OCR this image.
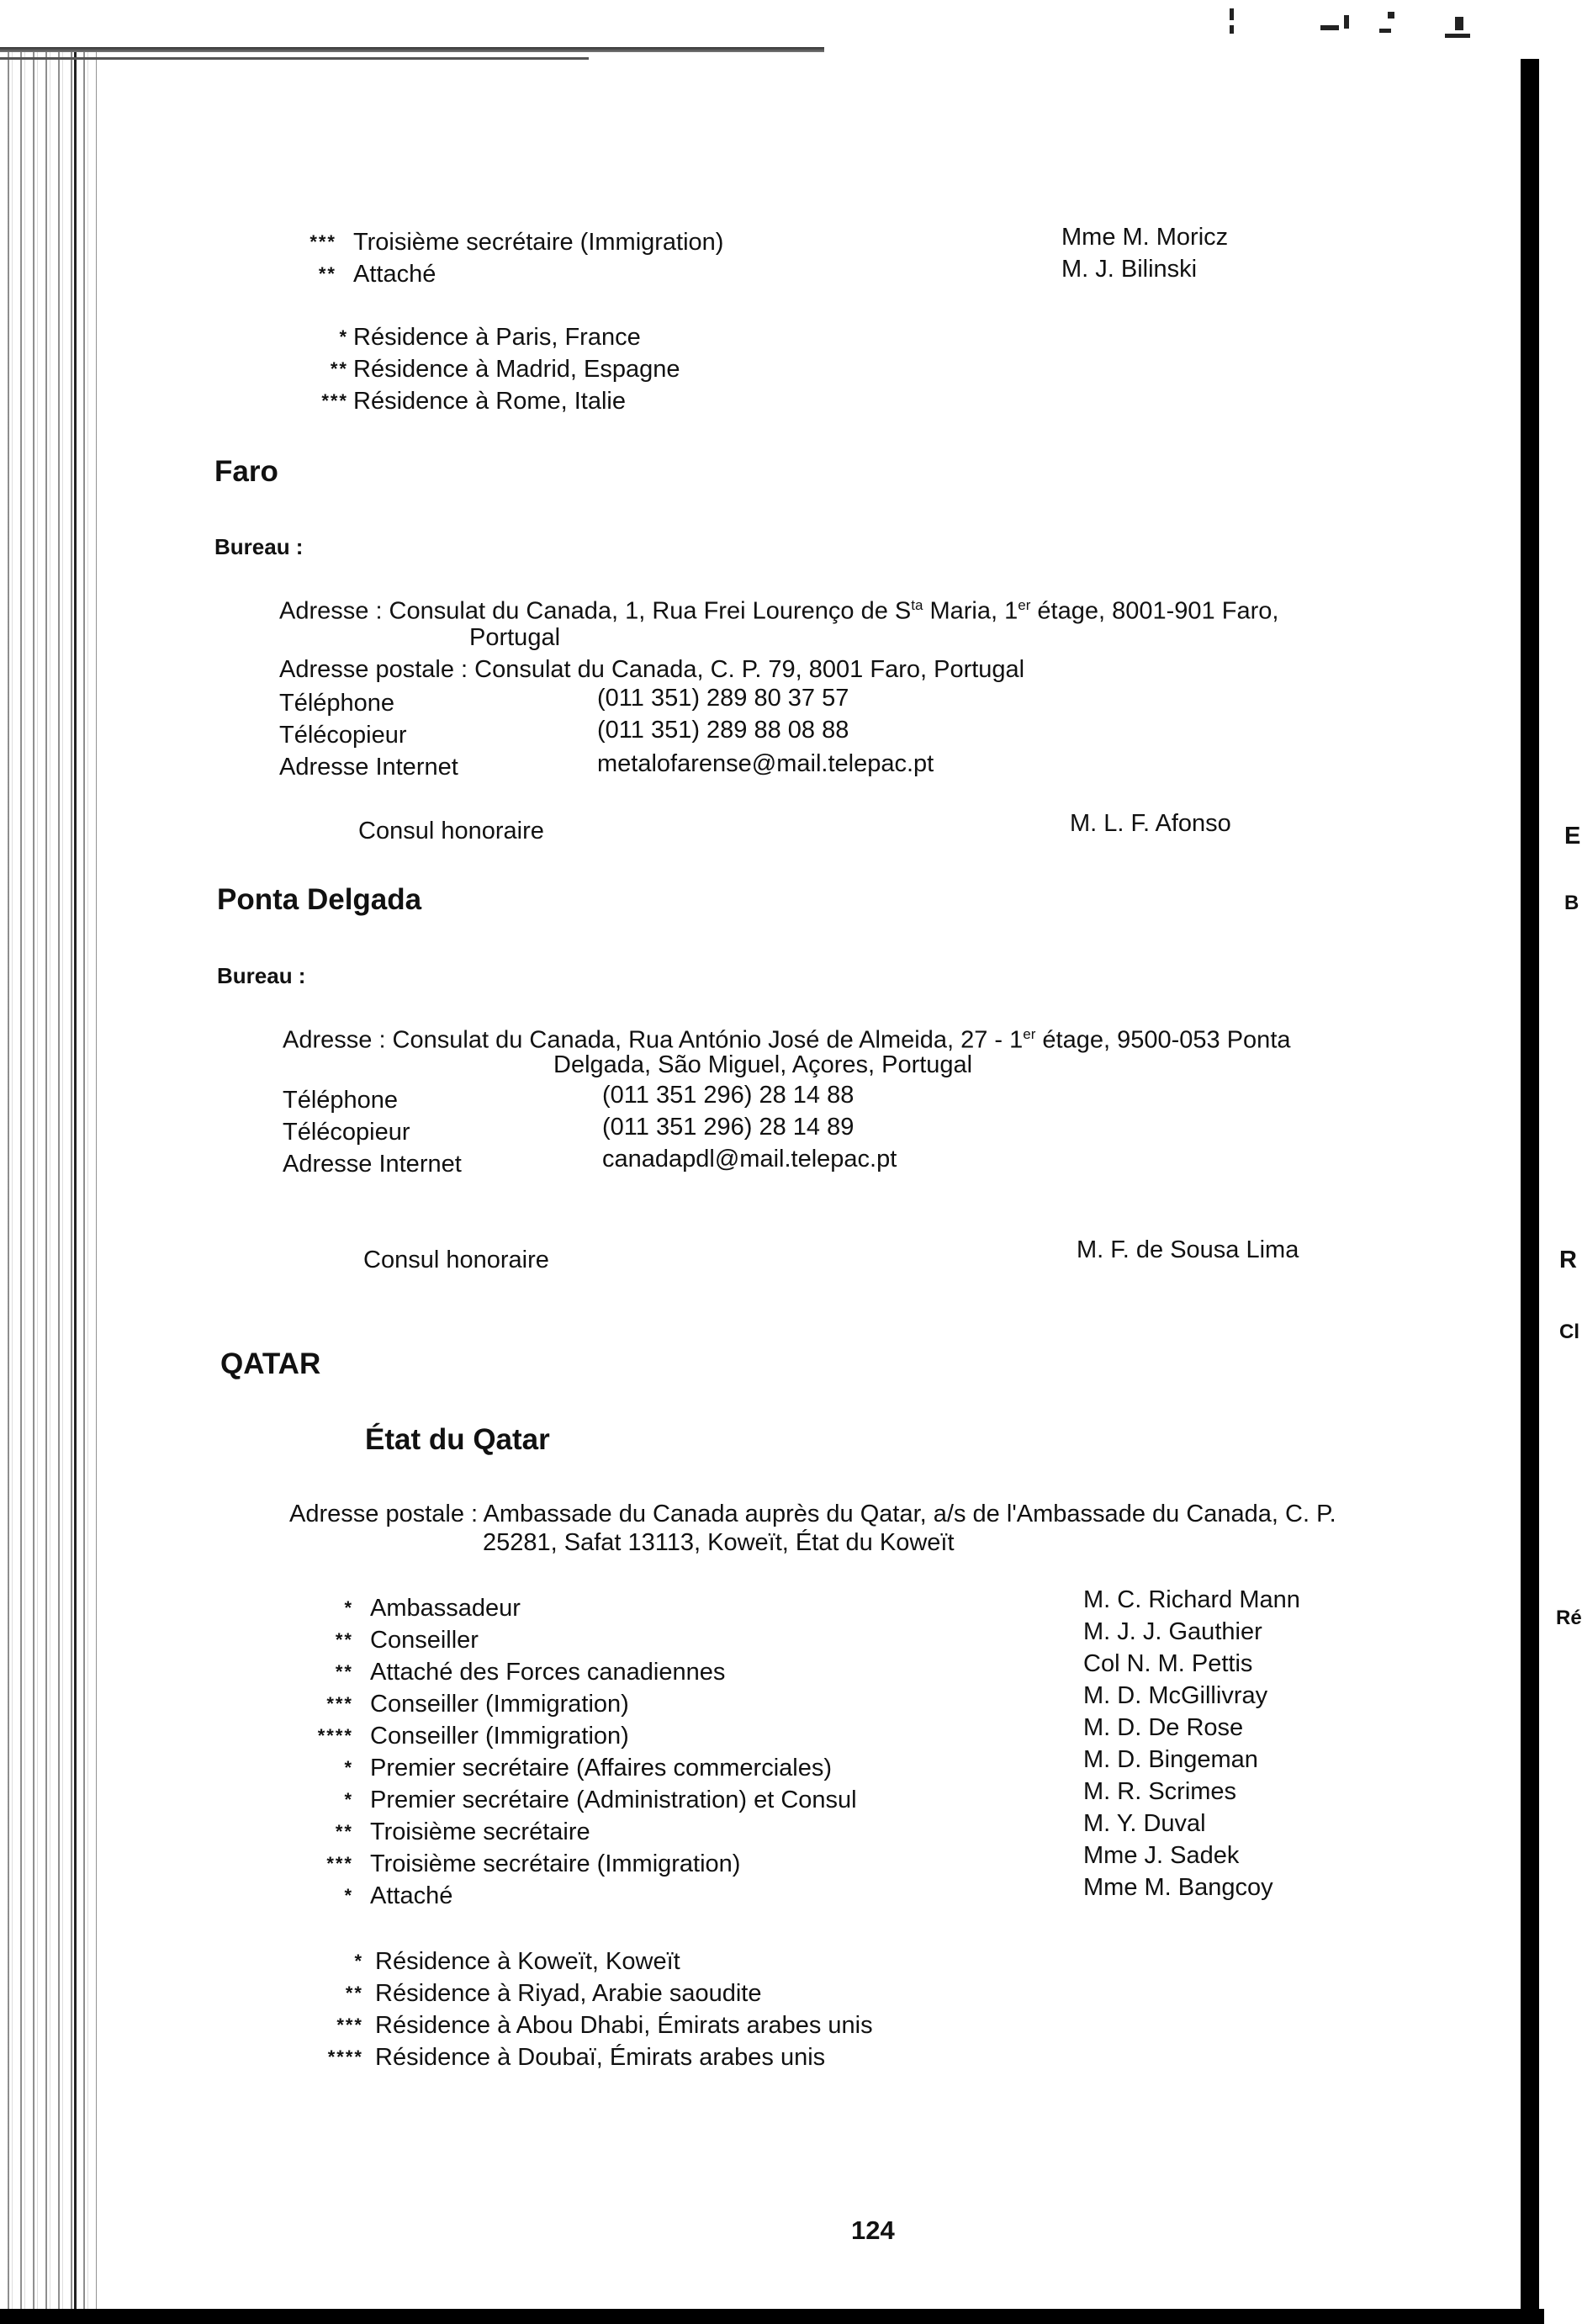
*** Troisième secrétaire (Immigration)	Mme M. Moricz
** Attaché	M. J. Bilinski
* Résidence à Paris, France
** Résidence à Madrid, Espagne
*** Résidence à Rome, Italie
Faro
Bureau :
Adresse : Consulat du Canada, 1, Rua Frei Lourenço de $S^{ta}$ Maria, 1er étage, 8001-901 Faro,
Portugal
Adresse postale : Consulat du Canada, C. P. 79, 8001 Faro, Portugal
Téléphone	(011 351) 289 80 37 57
Télécopieur	(011 351) 289 88 08 88
Adresse Internet	metalofarense@mail.telepac.pt
Consul honoraire	M. L. F. Afonso
Ponta Delgada
Bureau :
Adresse : Consulat du Canada, Rua António José de Almeida, 27 - 1er étage, 9500-053 Ponta
Delgada, São Miguel, Açores, Portugal
Téléphone	(011 351 296) 28 14 88
Télécopieur	(011 351 296) 28 14 89
Adresse Internet	canadapdl@mail.telepac.pt
Consul honoraire	M. F. de Sousa Lima
QATAR
État du Qatar
Adresse postale : Ambassade du Canada auprès du Qatar, a/s de l'Ambassade du Canada, C. P.
25281, Safat 13113, Koweït, État du Koweït
* Ambassadeur	M. C. Richard Mann
** Conseiller	M. J. J. Gauthier
** Attaché des Forces canadiennes	Col N. M. Pettis
*** Conseiller (Immigration)	M. D. McGillivray
**** Conseiller (Immigration)	M. D. De Rose
* Premier secrétaire (Affaires commerciales)	M. D. Bingeman
* Premier secrétaire (Administration) et Consul	M. R. Scrimes
** Troisième secrétaire	M. Y. Duval
*** Troisième secrétaire (Immigration)	Mme J. Sadek
* Attaché	Mme M. Bangcoy
* Résidence à Koweït, Koweït
** Résidence à Riyad, Arabie saoudite
*** Résidence à Abou Dhabi, Émirats arabes unis
**** Résidence à Doubaï, Émirats arabes unis
124
E
B
R
Cl
Ré
